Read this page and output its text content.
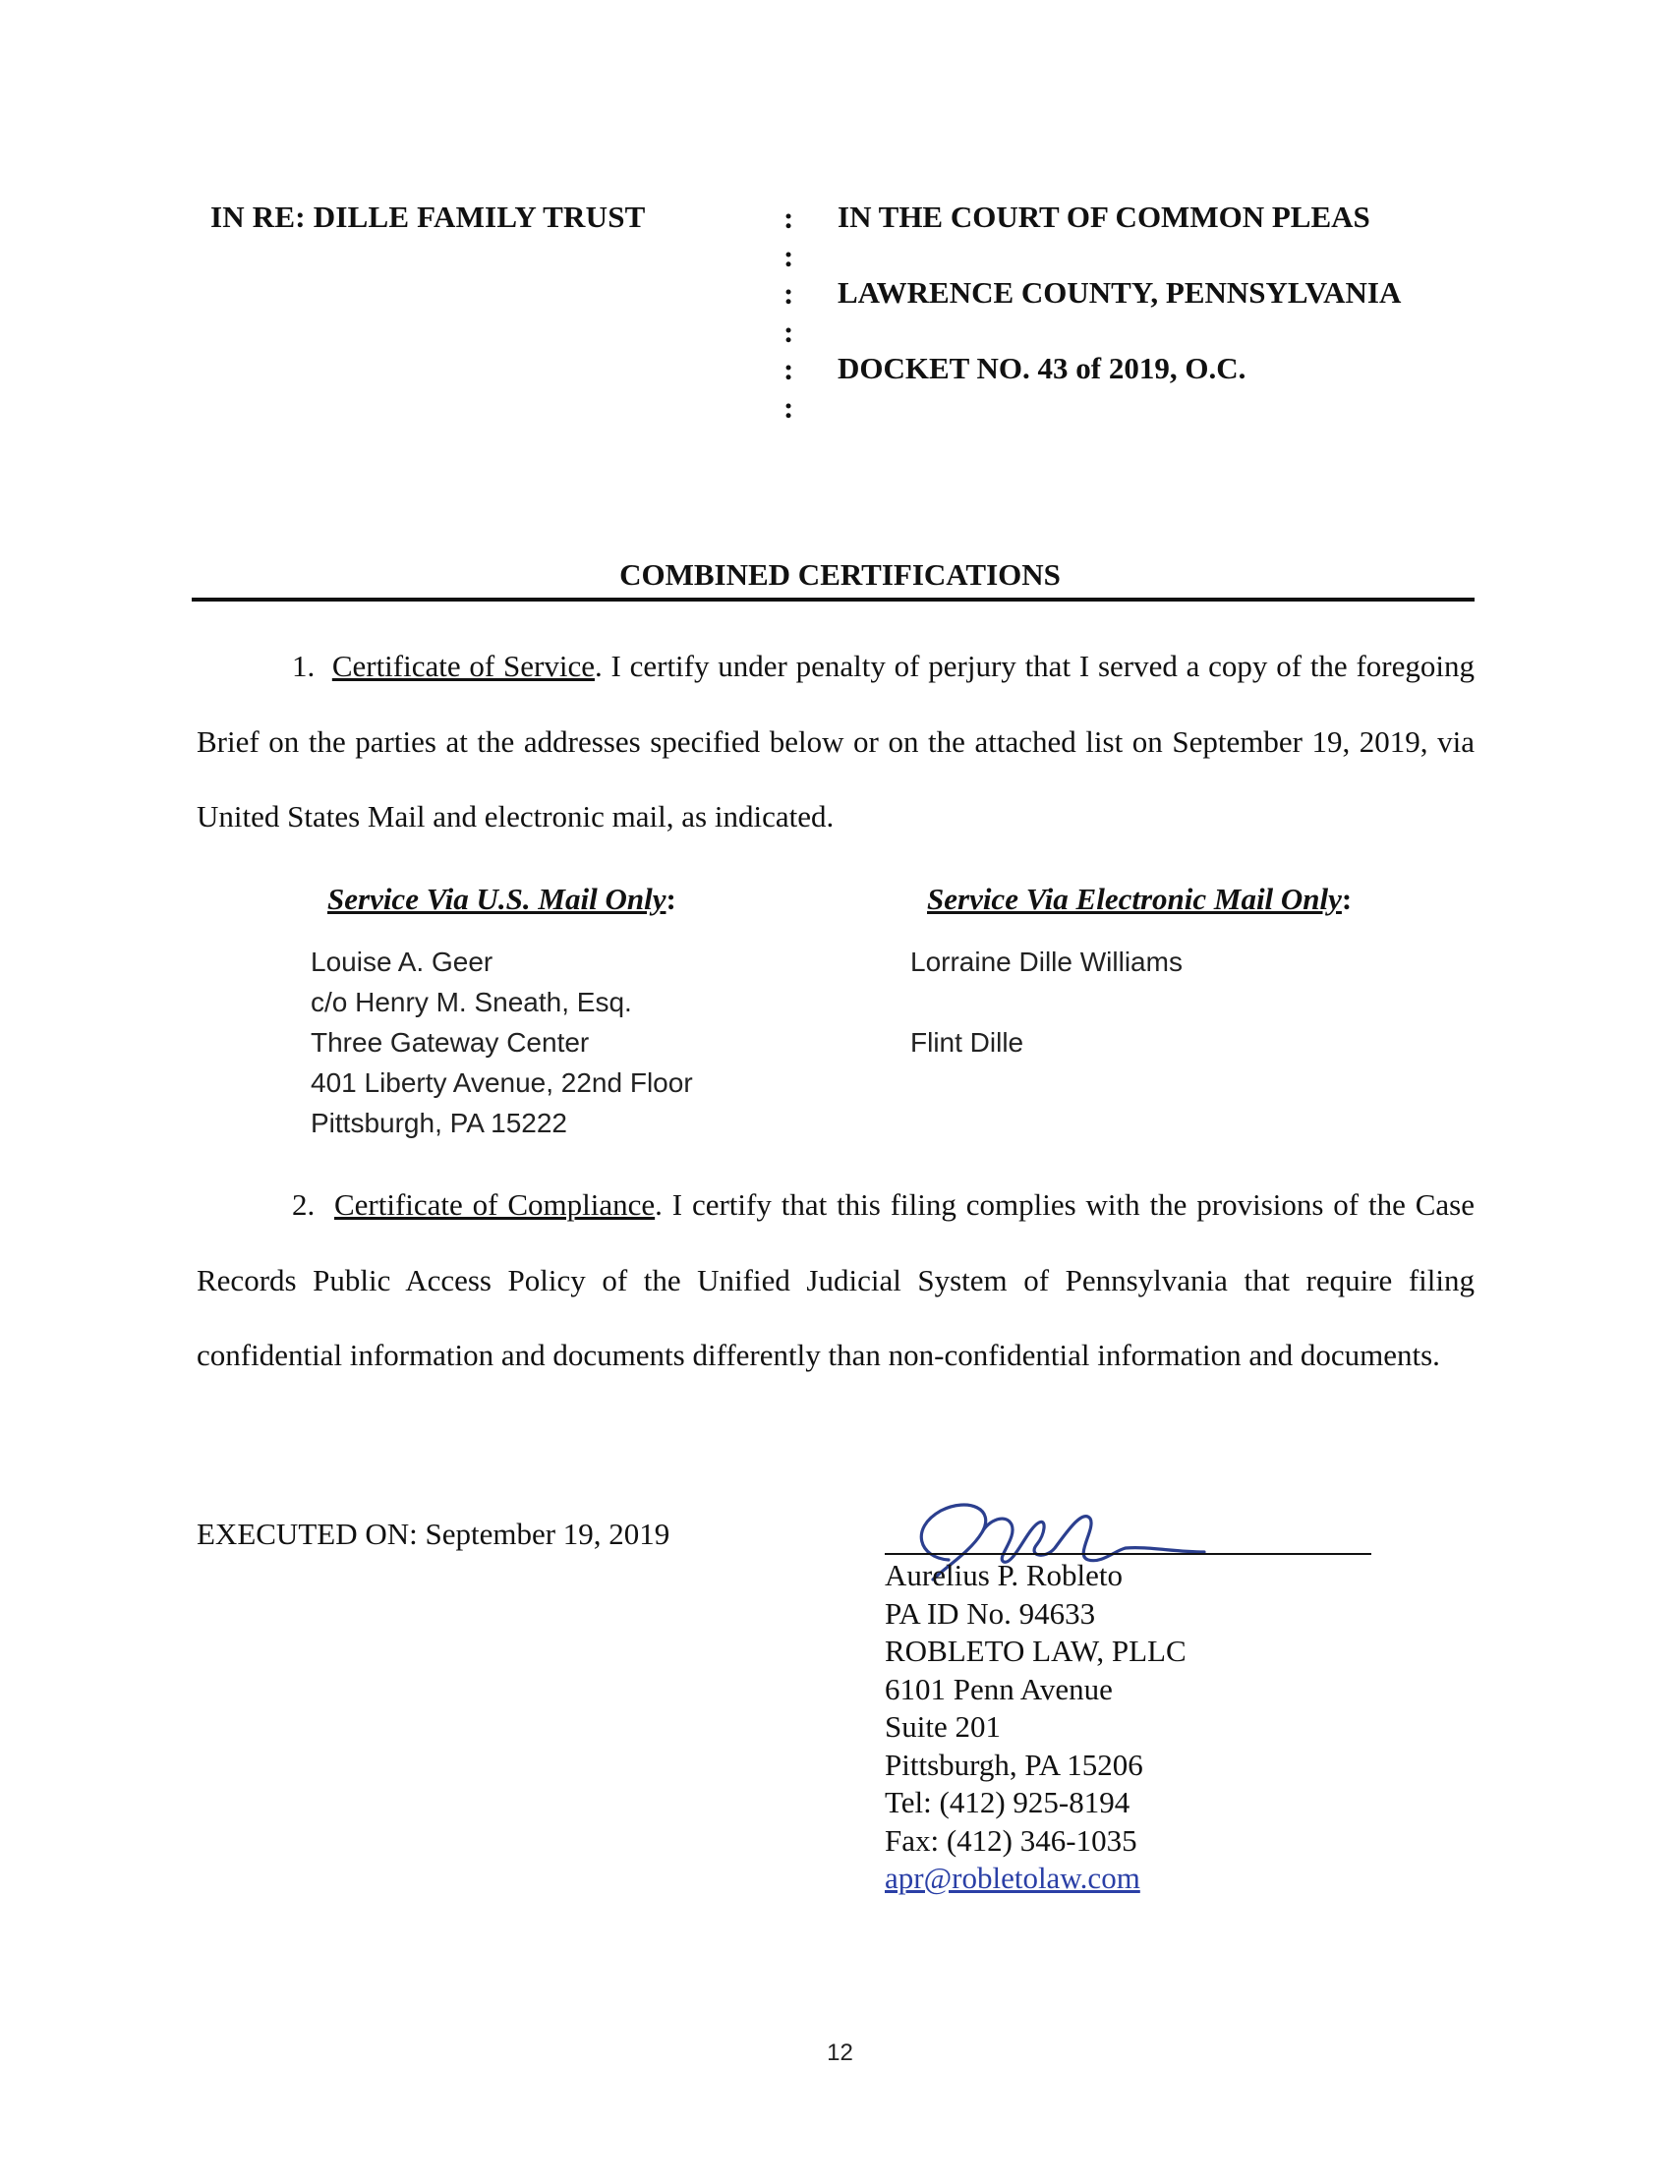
IN RE: DILLE FAMILY TRUST	:
:
:
:
:
:
IN THE COURT OF COMMON PLEAS
LAWRENCE COUNTY, PENNSYLVANIA
DOCKET NO. 43 of 2019, O.C.
COMBINED CERTIFICATIONS
1. Certificate of Service. I certify under penalty of perjury that I served a copy of the foregoing Brief on the parties at the addresses specified below or on the attached list on September 19, 2019, via United States Mail and electronic mail, as indicated.
Service Via U.S. Mail Only:
Louise A. Geer
c/o Henry M. Sneath, Esq.
Three Gateway Center
401 Liberty Avenue, 22nd Floor
Pittsburgh, PA 15222
Service Via Electronic Mail Only:
Lorraine Dille Williams
Flint Dille
2. Certificate of Compliance. I certify that this filing complies with the provisions of the Case Records Public Access Policy of the Unified Judicial System of Pennsylvania that require filing confidential information and documents differently than non-confidential information and documents.
EXECUTED ON: September 19, 2019
Aurelius P. Robleto
PA ID No. 94633
ROBLETO LAW, PLLC
6101 Penn Avenue
Suite 201
Pittsburgh, PA 15206
Tel: (412) 925-8194
Fax: (412) 346-1035
apr@robletolaw.com
12
